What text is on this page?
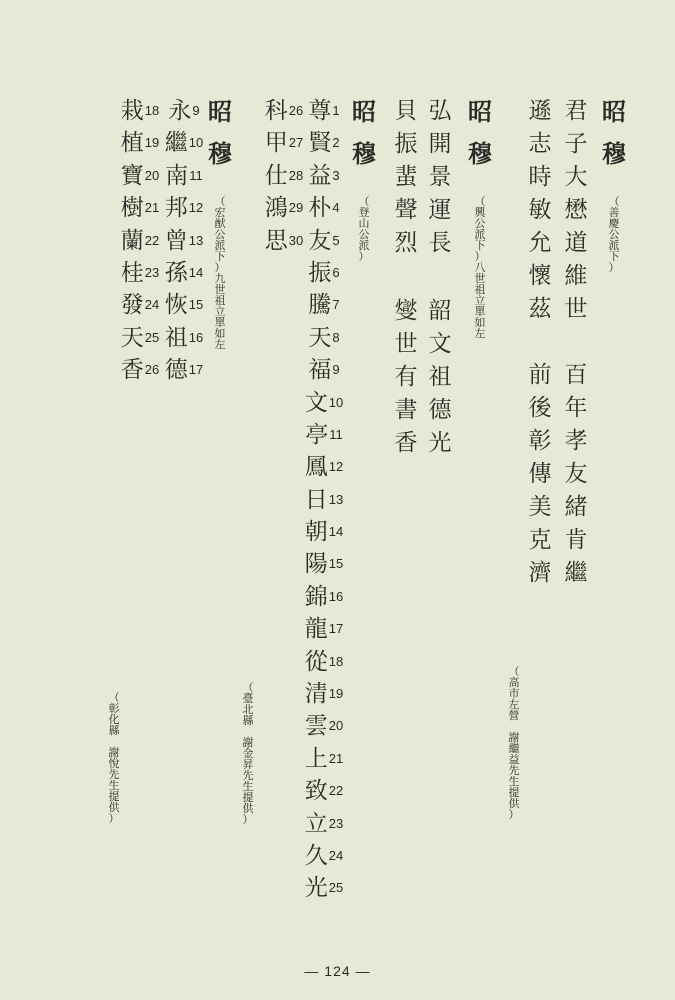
昭
穆
（
善
慶
公
派
下
）
君
子
大
懋
道
維
世
百
年
孝
友
緒
肯
繼
遜
志
時
敏
允
懷
茲
前
後
彰
傳
美
克
濟
（
高
市
左
營

謝
繼
益
先
生
提
供
）
昭
穆
（
興
公
派
下
）
八
世
祖
立
單
如
左
弘
開
景
運
長
韶
文
祖
德
光
貝
振
蜚
聲
烈
燮
世
有
書
香
昭
穆
（
登
山
公
派
）
尊 1
賢 2
益 3
朴 4
友 5
振 6
騰 7
天 8
福 9
文 10
亭 11
鳳 12
日 13
朝 14
陽 15
錦 16
龍 17
從 18
清 19
雲 20
上 21
致 22
立 23
久 24
光 25
科 26
甲 27
仕 28
鴻 29
思 30
（
臺
北
縣

謝
金
昇
先
生
提
供
）
昭
穆
（
宏
猷
公
派
下
）
九
世
祖
立
單
如
左
永 9
繼 10
南 11
邦 12
曾 13
孫 14
恢 15
祖 16
德 17
栽 18
植 19
寶 20
樹 21
蘭 22
桂 23
發 24
天 25
香 26
（
彰
化
縣

謝
悅
先
生
提
供
）
— 124 —
